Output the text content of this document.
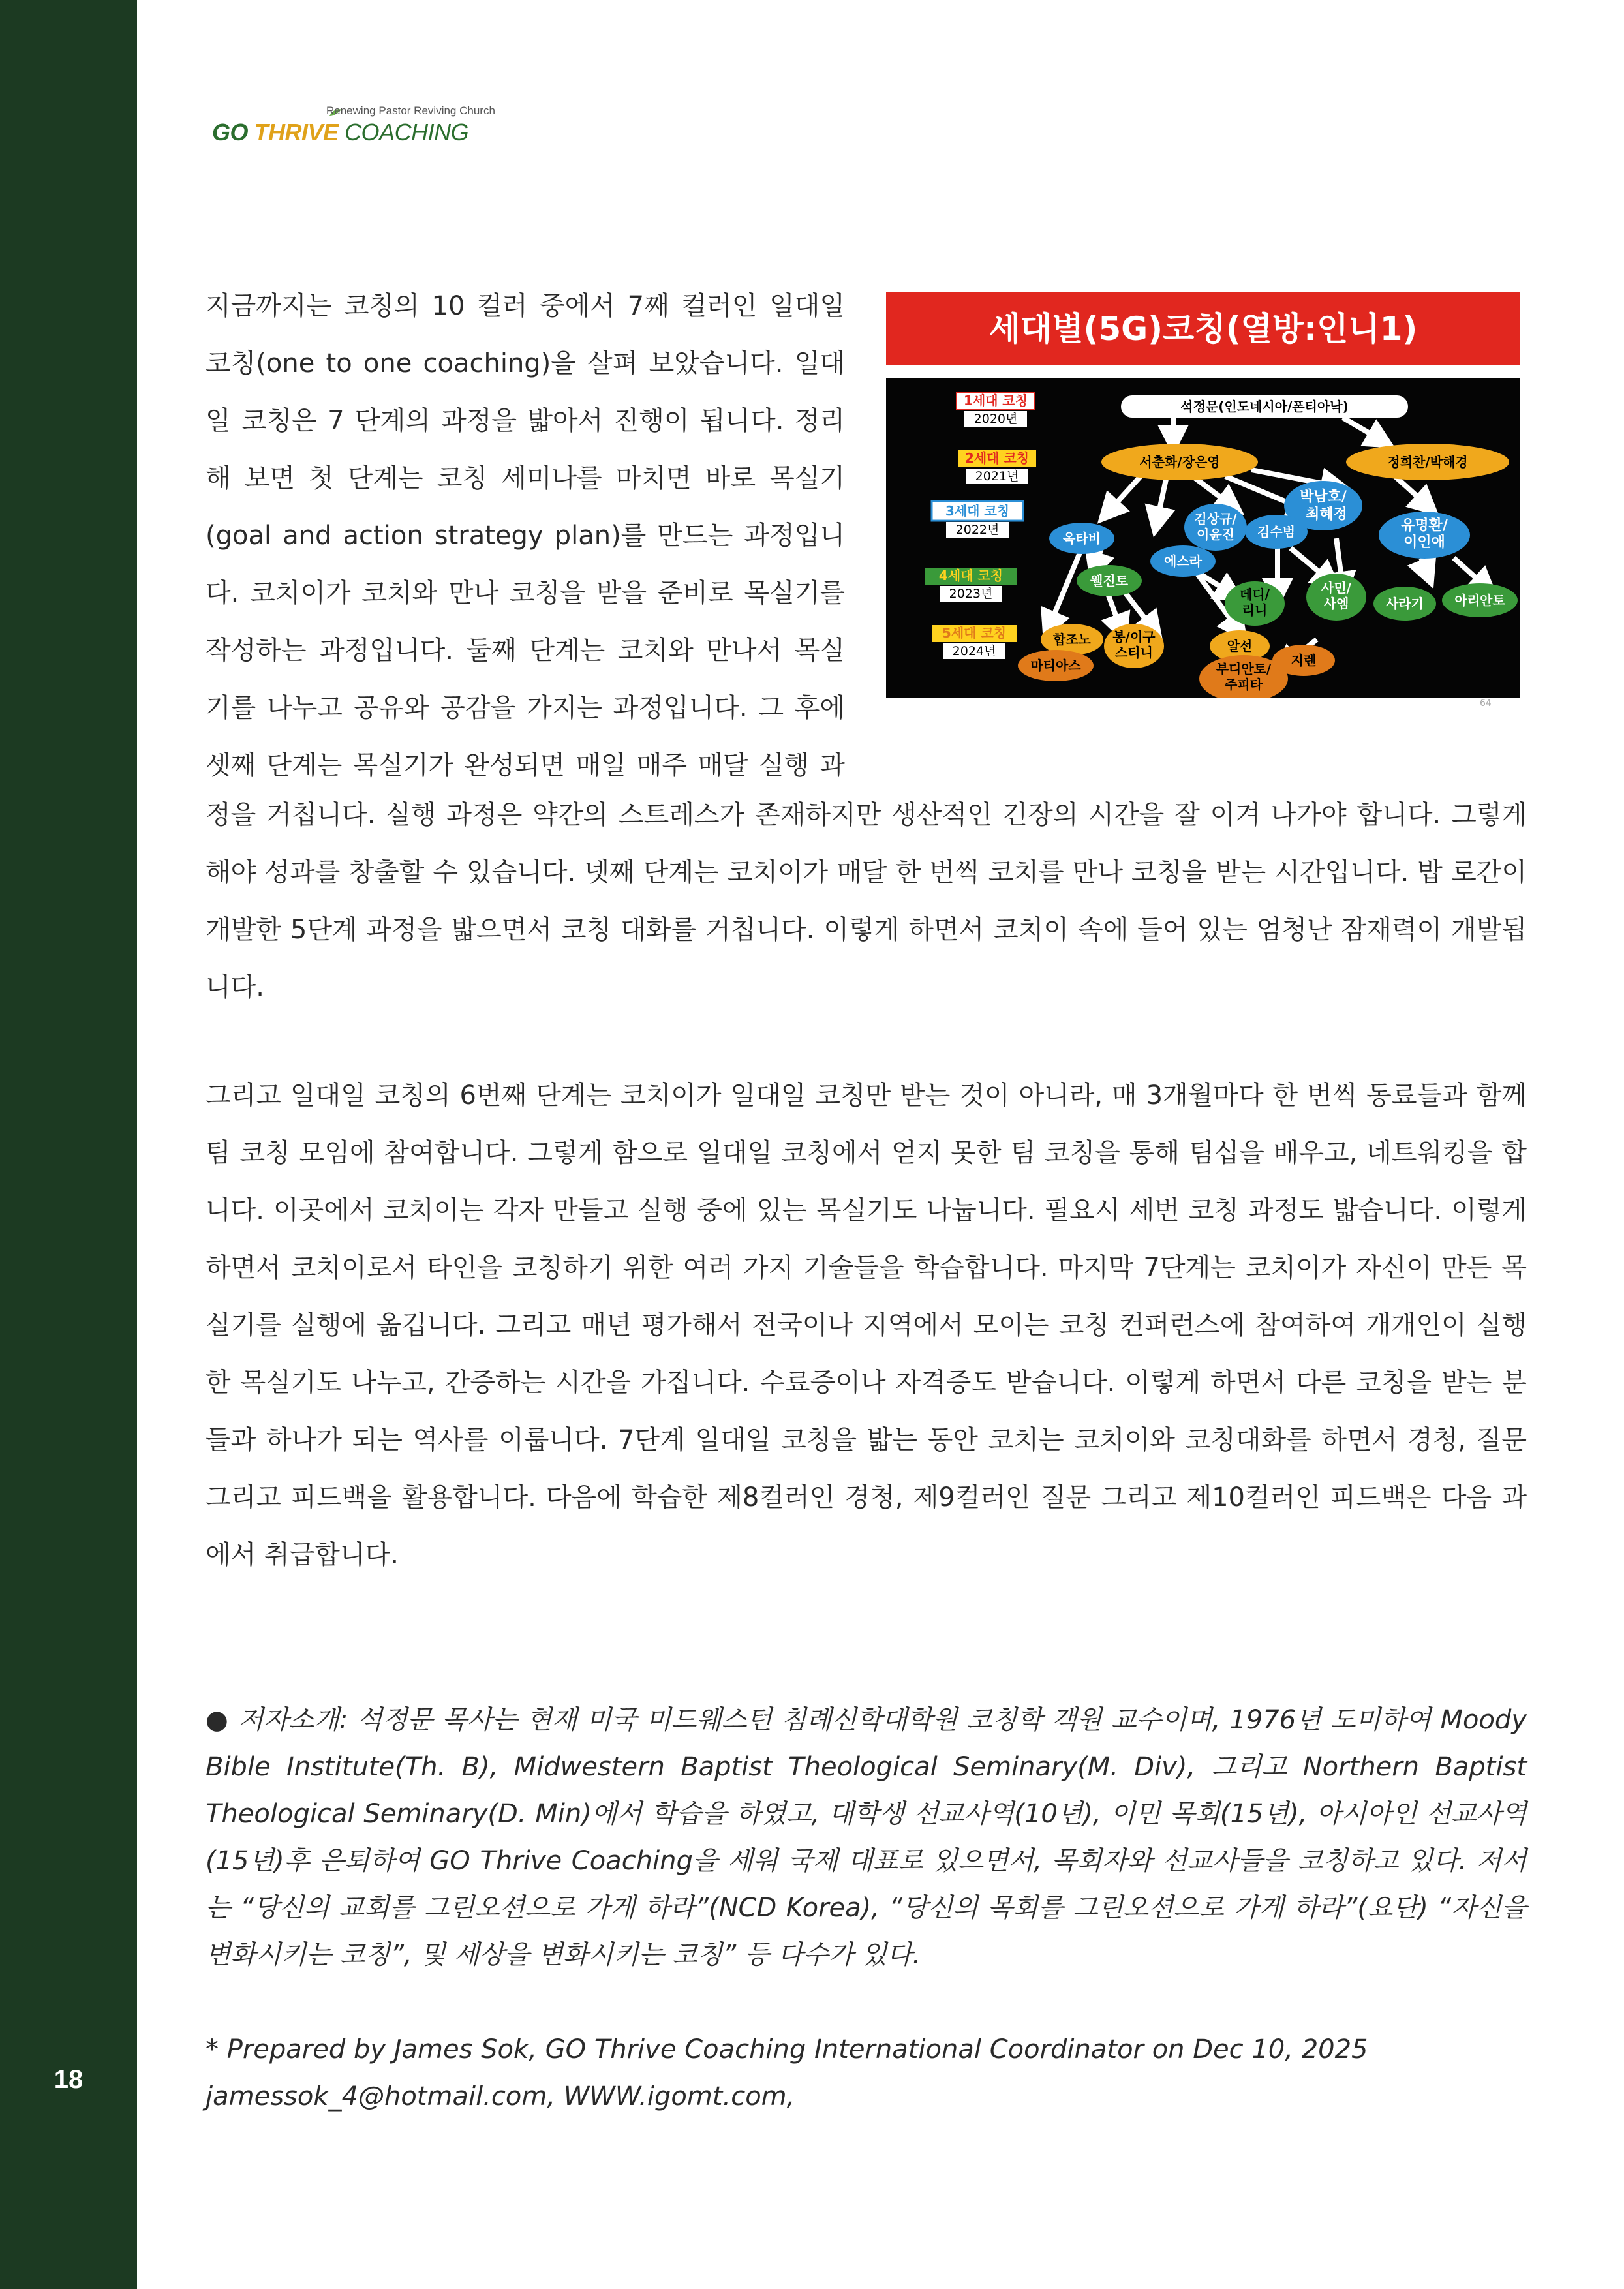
18
Renewing Pastor Reviving Church
GO THRIVE COACHING
지금까지는 코칭의 10 컬러 중에서 7째 컬러인 일대일
코칭(one to one coaching)을 살펴 보았습니다. 일대
일 코칭은 7 단계의 과정을 밟아서 진행이 됩니다. 정리
해 보면 첫 단계는 코칭 세미나를 마치면 바로 목실기
(goal and action strategy plan)를 만드는 과정입니
다. 코치이가 코치와 만나 코칭을 받을 준비로 목실기를
작성하는 과정입니다. 둘째 단계는 코치와 만나서 목실
기를 나누고 공유와 공감을 가지는 과정입니다. 그 후에
셋째 단계는 목실기가 완성되면 매일 매주 매달 실행 과
정을 거칩니다. 실행 과정은 약간의 스트레스가 존재하지만 생산적인 긴장의 시간을 잘 이겨 나가야 합니다. 그렇게 해야 성과를 창출할 수 있습니다. 넷째 단계는 코치이가 매달 한 번씩 코치를 만나 코칭을 받는 시간입니다. 밥 로간이 개발한 5단계 과정을 밟으면서 코칭 대화를 거칩니다. 이렇게 하면서 코치이 속에 들어 있는 엄청난 잠재력이 개발됩니다.
그리고 일대일 코칭의 6번째 단계는 코치이가 일대일 코칭만 받는 것이 아니라, 매 3개월마다 한 번씩 동료들과 함께 팀 코칭 모임에 참여합니다. 그렇게 함으로 일대일 코칭에서 얻지 못한 팀 코칭을 통해 팀십을 배우고, 네트워킹을 합니다. 이곳에서 코치이는 각자 만들고 실행 중에 있는 목실기도 나눕니다. 필요시 세번 코칭 과정도 밟습니다. 이렇게 하면서 코치이로서 타인을 코칭하기 위한 여러 가지 기술들을 학습합니다. 마지막 7단계는 코치이가 자신이 만든 목실기를 실행에 옮깁니다. 그리고 매년 평가해서 전국이나 지역에서 모이는 코칭 컨퍼런스에 참여하여 개개인이 실행한 목실기도 나누고, 간증하는 시간을 가집니다. 수료증이나 자격증도 받습니다. 이렇게 하면서 다른 코칭을 받는 분들과 하나가 되는 역사를 이룹니다. 7단계 일대일 코칭을 밟는 동안 코치는 코치이와 코칭대화를 하면서 경청, 질문 그리고 피드백을 활용합니다. 다음에 학습한 제8컬러인 경청, 제9컬러인 질문 그리고 제10컬러인 피드백은 다음 과에서 취급합니다.
● 저자소개: 석정문 목사는 현재 미국 미드웨스턴 침례신학대학원 코칭학 객원 교수이며, 1976년 도미하여 Moody Bible Institute(Th. B), Midwestern Baptist Theological Seminary(M. Div), 그리고 Northern Baptist Theological Seminary(D. Min)에서 학습을 하였고, 대학생 선교사역(10년), 이민 목회(15년), 아시아인 선교사역(15년)후 은퇴하여 GO Thrive Coaching을 세워 국제 대표로 있으면서, 목회자와 선교사들을 코칭하고 있다. 저서는 “당신의 교회를 그린오션으로 가게 하라”(NCD Korea), “당신의 목회를 그린오션으로 가게 하라”(요단) “자신을 변화시키는 코칭”, 및 세상을 변화시키는 코칭” 등 다수가 있다.
* Prepared by James Sok, GO Thrive Coaching International Coordinator on Dec 10, 2025
jamessok_4@hotmail.com, WWW.igomt.com,
세대별(5G)코칭(열방:인니1)
1세대 코칭
2020년
2세대 코칭
2021년
3세대 코칭
2022년
4세대 코칭
2023년
5세대 코칭
2024년
석정문(인도네시아/폰티아낙)
서춘화/장은영	정희찬/박해경
박남호/
최혜정
김상규/
이윤진 김수범	유명환/
이인애
옥타비
에스라
웰진토
데디/
리니
사민/
사엠	사라기 아리안토
합조노 봉/이구
스티니
마티아스
알선
부디안토/
주피타
지렌
64
